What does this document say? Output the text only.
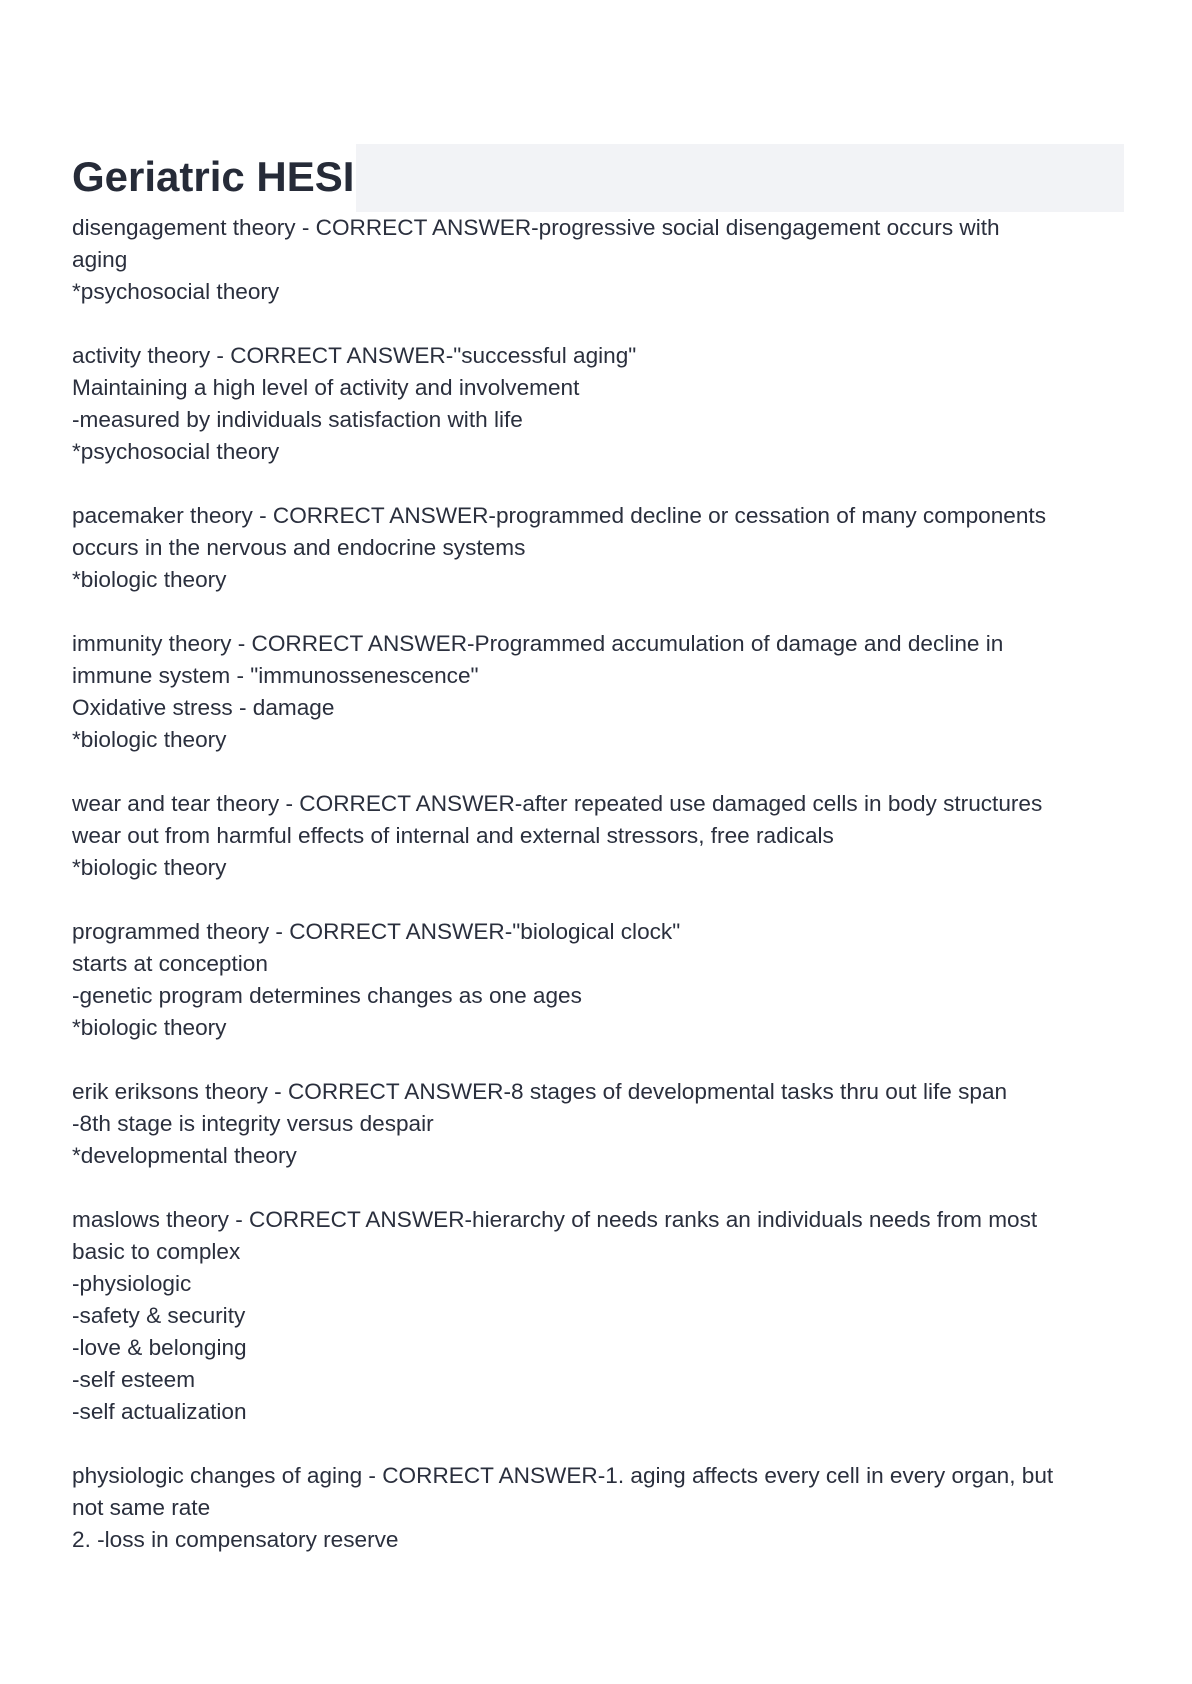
Geriatric HESI
disengagement theory - CORRECT ANSWER-progressive social disengagement occurs with
aging
*psychosocial theory
activity theory - CORRECT ANSWER-"successful aging"
Maintaining a high level of activity and involvement
-measured by individuals satisfaction with life
*psychosocial theory
pacemaker theory - CORRECT ANSWER-programmed decline or cessation of many components
occurs in the nervous and endocrine systems
*biologic theory
immunity theory - CORRECT ANSWER-Programmed accumulation of damage and decline in
immune system - "immunossenescence"
Oxidative stress - damage
*biologic theory
wear and tear theory - CORRECT ANSWER-after repeated use damaged cells in body structures
wear out from harmful effects of internal and external stressors, free radicals
*biologic theory
programmed theory - CORRECT ANSWER-"biological clock"
starts at conception
-genetic program determines changes as one ages
*biologic theory
erik eriksons theory - CORRECT ANSWER-8 stages of developmental tasks thru out life span
-8th stage is integrity versus despair
*developmental theory
maslows theory - CORRECT ANSWER-hierarchy of needs ranks an individuals needs from most
basic to complex
-physiologic
-safety & security
-love & belonging
-self esteem
-self actualization
physiologic changes of aging - CORRECT ANSWER-1. aging affects every cell in every organ, but
not same rate
2. -loss in compensatory reserve
